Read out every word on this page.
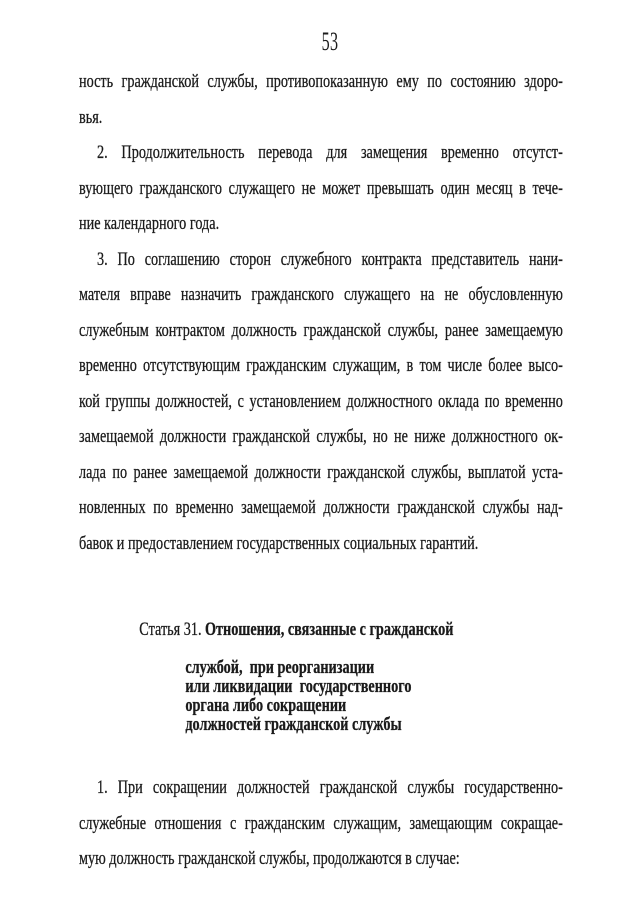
53
ность гражданской службы, противопоказанную ему по состоянию здоро-
вья.
2. Продолжительность перевода для замещения временно отсутст-
вующего гражданского служащего не может превышать один месяц в тече-
ние календарного года.
3. По соглашению сторон служебного контракта представитель нани-
мателя вправе назначить гражданского служащего на не обусловленную
служебным контрактом должность гражданской службы, ранее замещаемую
временно отсутствующим гражданским служащим, в том числе более высо-
кой группы должностей, с установлением должностного оклада по временно
замещаемой должности гражданской службы, но не ниже должностного ок-
лада по ранее замещаемой должности гражданской службы, выплатой уста-
новленных по временно замещаемой должности гражданской службы над-
бавок и предоставлением государственных социальных гарантий.

Статья 31. Отношения, связанные с гражданской

службой,  при реорганизации
или ликвидации  государственного
органа либо сокращении
должностей гражданской службы
1. При сокращении должностей гражданской службы государственно-
служебные отношения с гражданским служащим, замещающим сокращае-
мую должность гражданской службы, продолжаются в случае:
